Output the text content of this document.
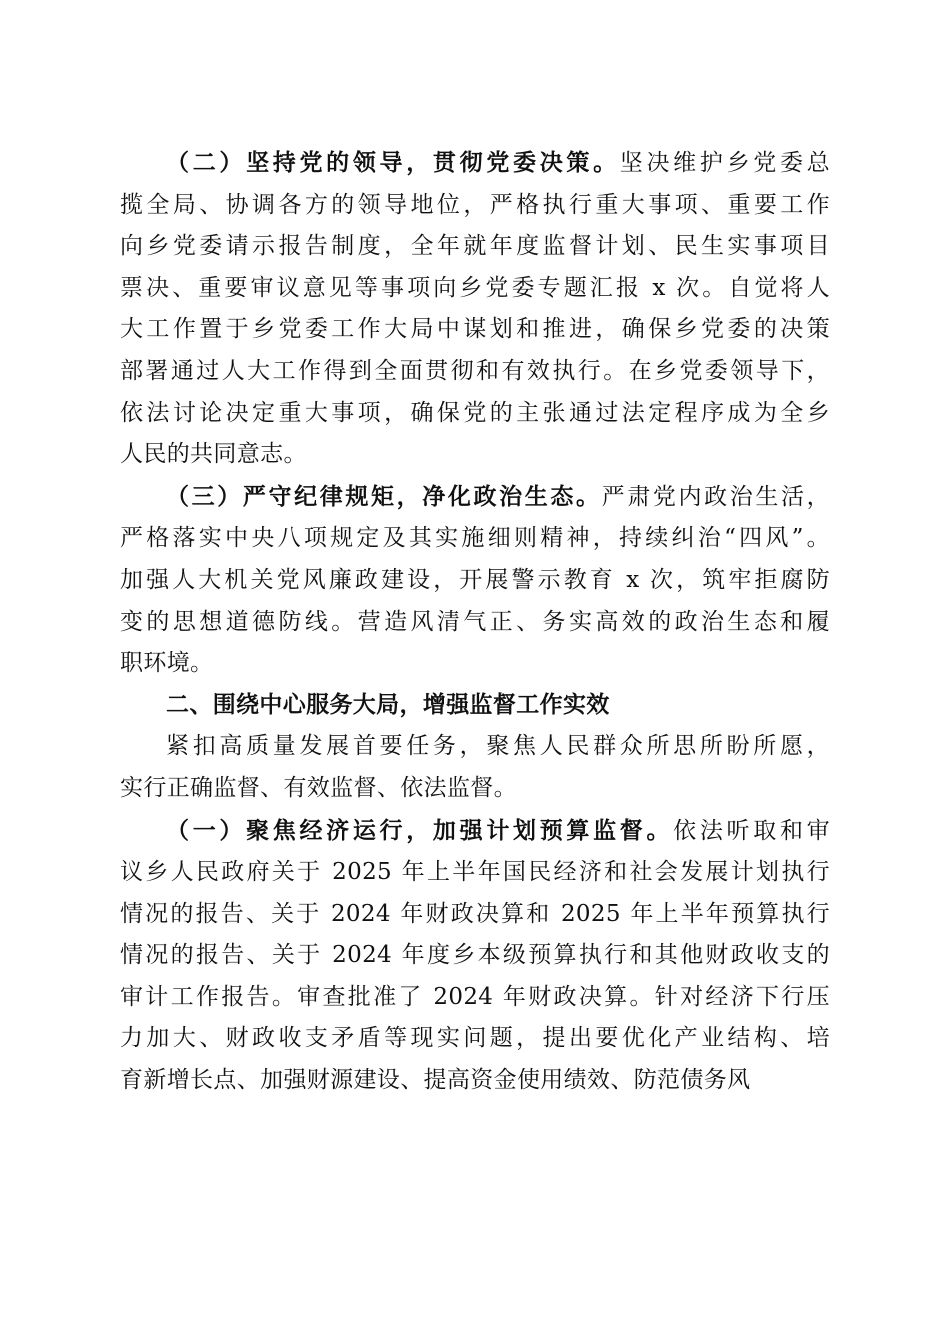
（二）坚持党的领导，贯彻党委决策。坚决维护乡党委总
揽全局、协调各方的领导地位，严格执行重大事项、重要工作
向乡党委请示报告制度，全年就年度监督计划、民生实事项目
票决、重要审议意见等事项向乡党委专题汇报 x 次。自觉将人
大工作置于乡党委工作大局中谋划和推进，确保乡党委的决策
部署通过人大工作得到全面贯彻和有效执行。在乡党委领导下，
依法讨论决定重大事项，确保党的主张通过法定程序成为全乡
人民的共同意志。
（三）严守纪律规矩，净化政治生态。严肃党内政治生活，
严格落实中央八项规定及其实施细则精神，持续纠治“四风”。
加强人大机关党风廉政建设，开展警示教育 x 次，筑牢拒腐防
变的思想道德防线。营造风清气正、务实高效的政治生态和履
职环境。
二、围绕中心服务大局，增强监督工作实效
紧扣高质量发展首要任务，聚焦人民群众所思所盼所愿，
实行正确监督、有效监督、依法监督。
（一）聚焦经济运行，加强计划预算监督。依法听取和审
议乡人民政府关于 2025 年上半年国民经济和社会发展计划执行
情况的报告、关于 2024 年财政决算和 2025 年上半年预算执行
情况的报告、关于 2024 年度乡本级预算执行和其他财政收支的
审计工作报告。审查批准了 2024 年财政决算。针对经济下行压
力加大、财政收支矛盾等现实问题，提出要优化产业结构、培
育新增长点、加强财源建设、提高资金使用绩效、防范债务风
